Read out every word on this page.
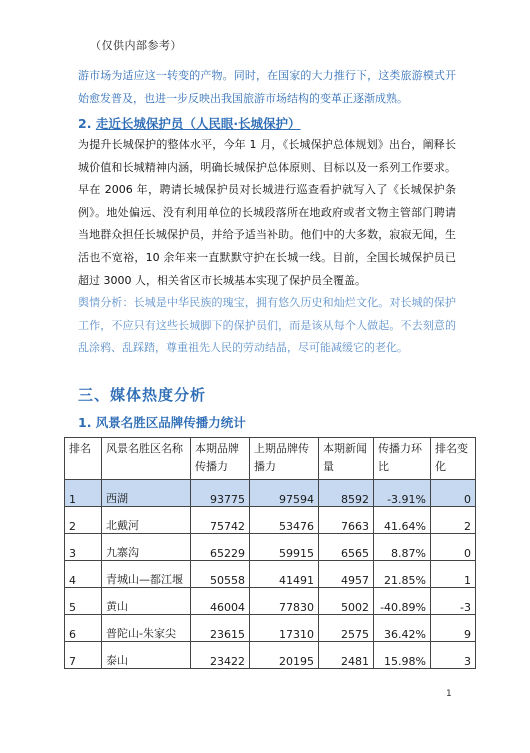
（仅供内部参考）
游市场为适应这一转变的产物。同时，在国家的大力推行下，这类旅游模式开始愈发普及，也进一步反映出我国旅游市场结构的变革正逐渐成熟。
2. 走近长城保护员（人民眼·长城保护）
为提升长城保护的整体水平，今年 1 月，《长城保护总体规划》出台，阐释长城价值和长城精神内涵，明确长城保护总体原则、目标以及一系列工作要求。早在 2006 年，聘请长城保护员对长城进行巡查看护就写入了《长城保护条例》。地处偏远、没有利用单位的长城段落所在地政府或者文物主管部门聘请当地群众担任长城保护员，并给予适当补助。他们中的大多数，寂寂无闻，生活也不宽裕，10 余年来一直默默守护在长城一线。目前，全国长城保护员已超过 3000 人，相关省区市长城基本实现了保护员全覆盖。
舆情分析：长城是中华民族的瑰宝，拥有悠久历史和灿烂文化。对长城的保护工作，不应只有这些长城脚下的保护员们，而是该从每个人做起。不去刻意的乱涂鸦、乱踩踏，尊重祖先人民的劳动结晶，尽可能减缓它的老化。
三、媒体热度分析
1. 风景名胜区品牌传播力统计
排名	风景名胜区名称	本期品牌传播力	上期品牌传播力	本期新闻量	传播力环比	排名变化
1	西湖	93775	97594	8592	-3.91%	0
2	北戴河	75742	53476	7663	41.64%	2
3	九寨沟	65229	59915	6565	8.87%	0
4	青城山—都江堰	50558	41491	4957	21.85%	1
5	黄山	46004	77830	5002	-40.89%	-3
6	普陀山-朱家尖	23615	17310	2575	36.42%	9
7	泰山	23422	20195	2481	15.98%	3
1
